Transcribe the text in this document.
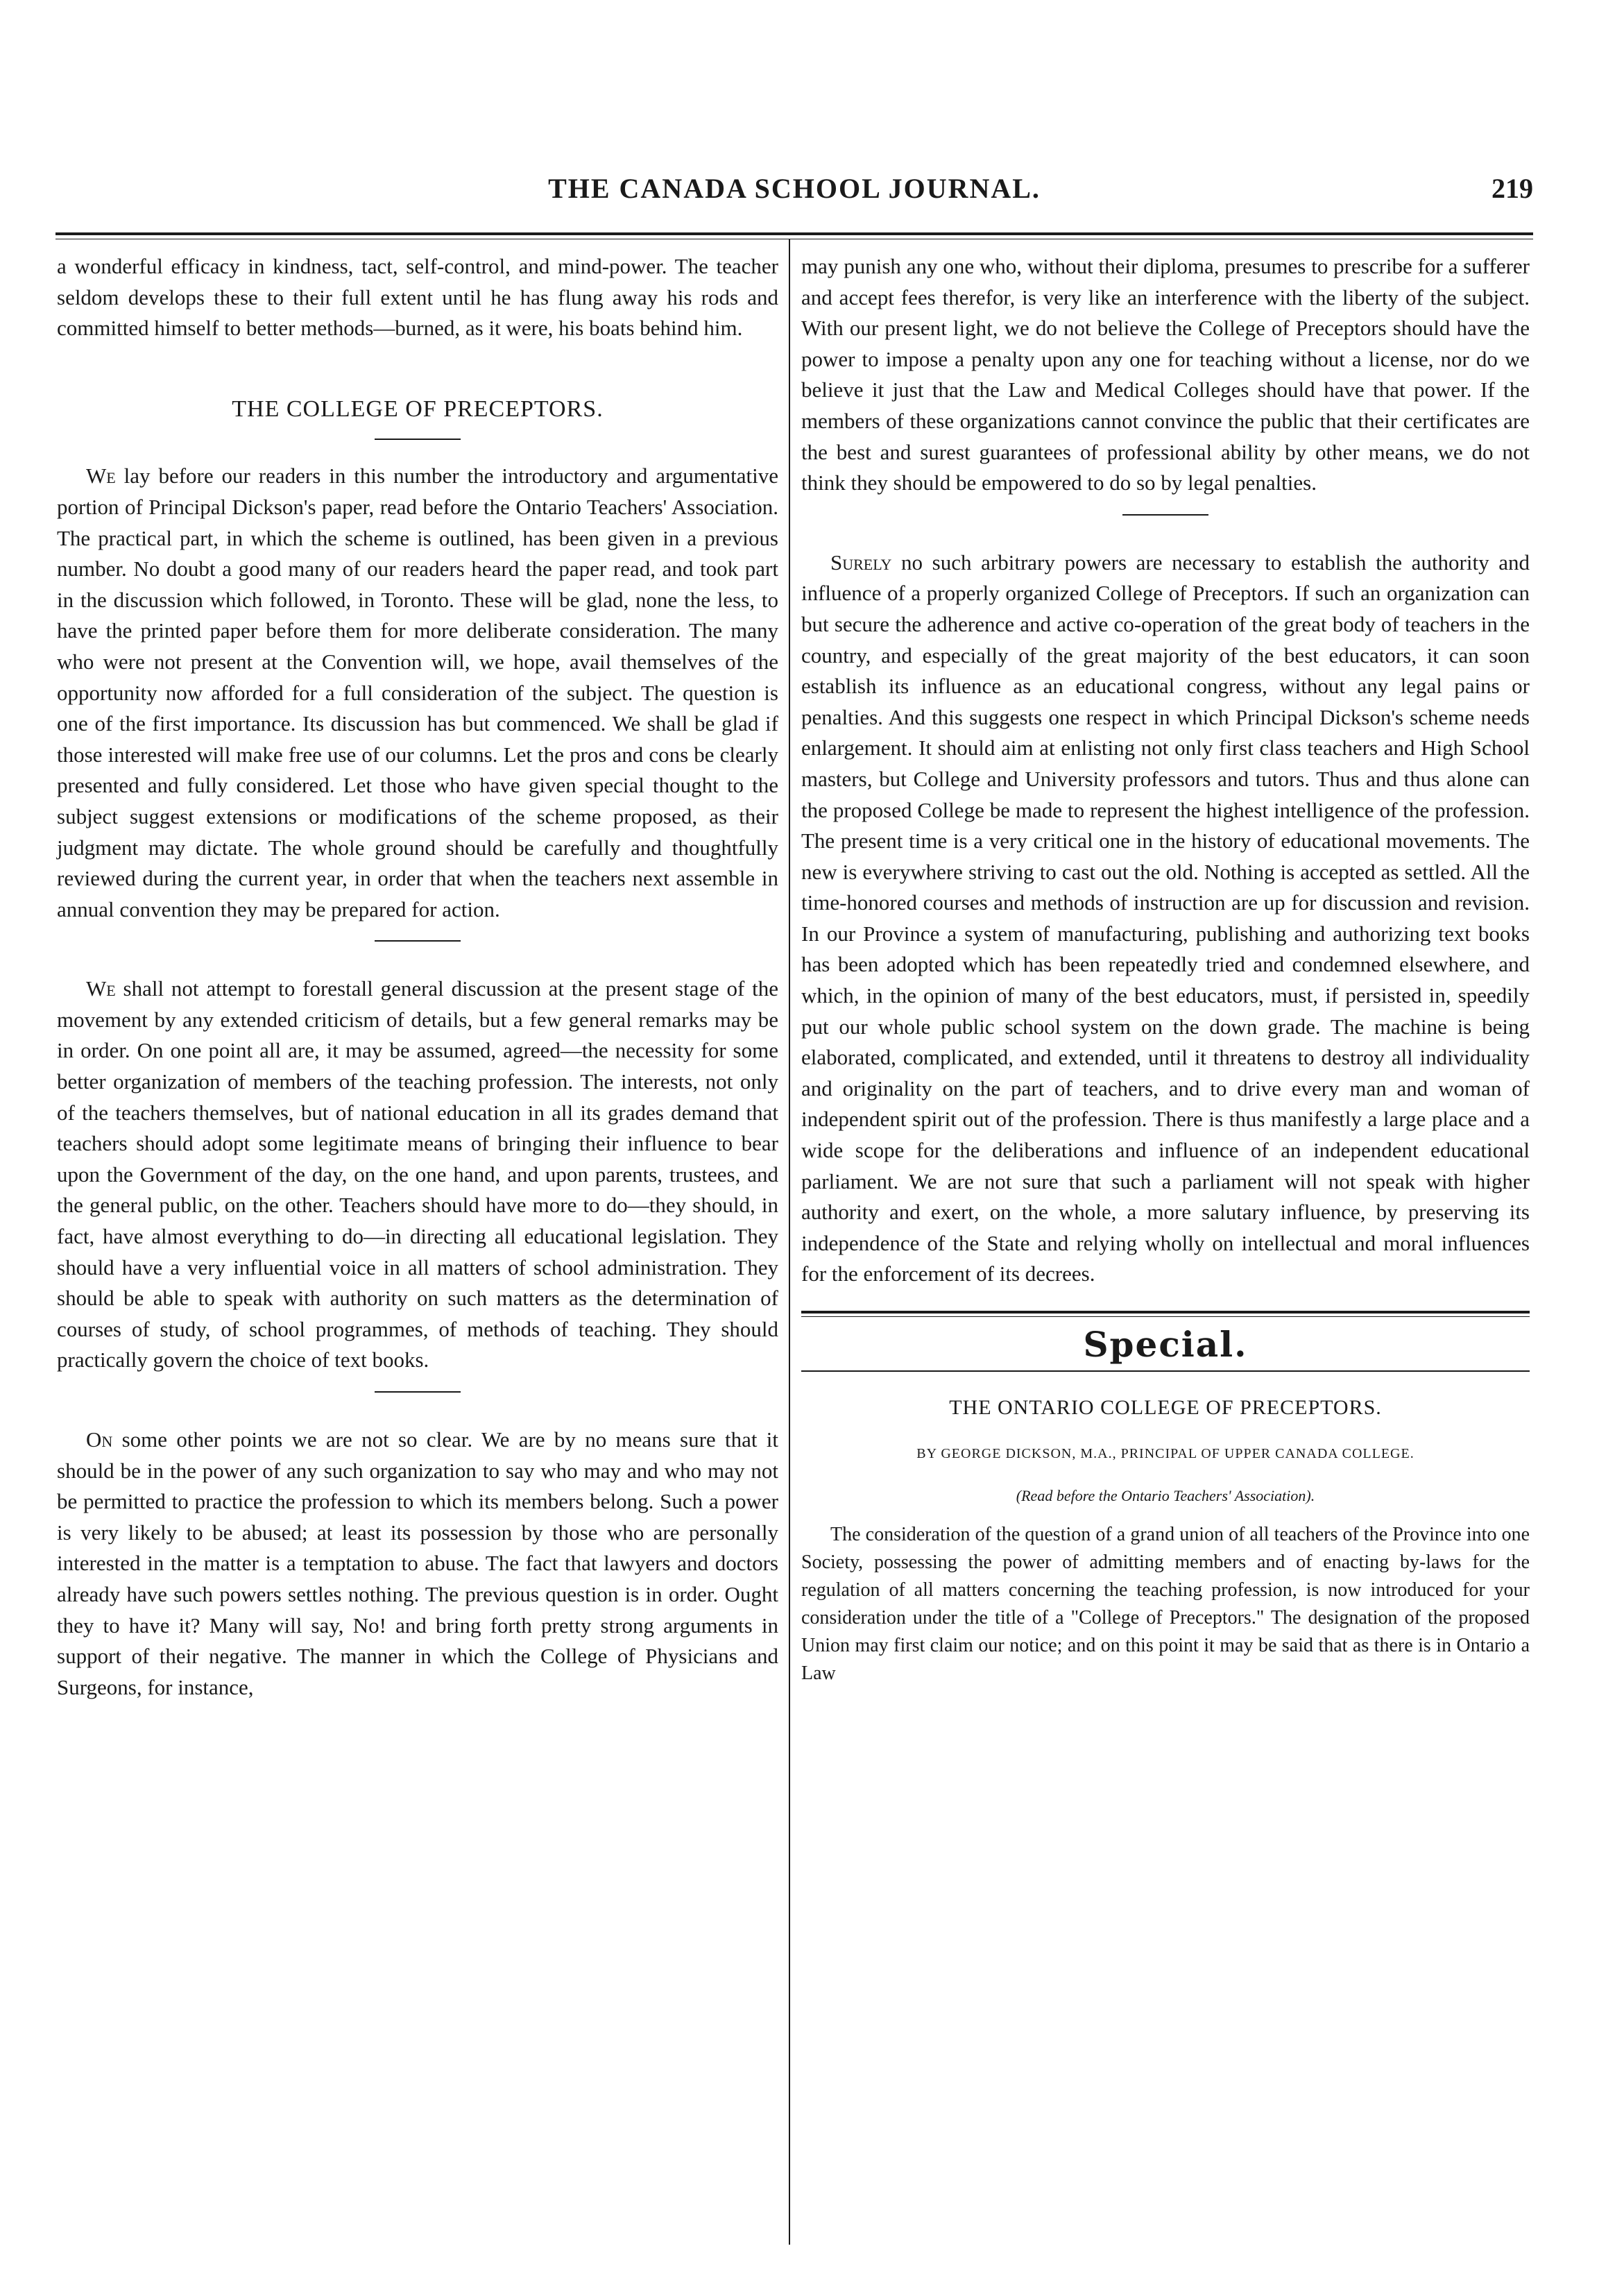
THE CANADA SCHOOL JOURNAL.	219

a wonderful efficacy in kindness, tact, self-control, and mind-power. The teacher seldom develops these to their full extent until he has flung away his rods and committed himself to better methods—burned, as it were, his boats behind him.

THE COLLEGE OF PRECEPTORS.

We lay before our readers in this number the introductory and argumentative portion of Principal Dickson's paper, read before the Ontario Teachers' Association. The practical part, in which the scheme is outlined, has been given in a previous number. No doubt a good many of our readers heard the paper read, and took part in the discussion which followed, in Toronto. These will be glad, none the less, to have the printed paper before them for more deliberate consideration. The many who were not present at the Convention will, we hope, avail themselves of the opportunity now afforded for a full consideration of the subject. The question is one of the first importance. Its discussion has but commenced. We shall be glad if those interested will make free use of our columns. Let the pros and cons be clearly presented and fully considered. Let those who have given special thought to the subject suggest extensions or modifications of the scheme proposed, as their judgment may dictate. The whole ground should be carefully and thoughtfully reviewed during the current year, in order that when the teachers next assemble in annual convention they may be prepared for action.

We shall not attempt to forestall general discussion at the present stage of the movement by any extended criticism of details, but a few general remarks may be in order. On one point all are, it may be assumed, agreed—the necessity for some better organization of members of the teaching profession. The interests, not only of the teachers themselves, but of national education in all its grades demand that teachers should adopt some legitimate means of bringing their influence to bear upon the Government of the day, on the one hand, and upon parents, trustees, and the general public, on the other. Teachers should have more to do—they should, in fact, have almost everything to do—in directing all educational legislation. They should have a very influential voice in all matters of school administration. They should be able to speak with authority on such matters as the determination of courses of study, of school programmes, of methods of teaching. They should practically govern the choice of text books.

On some other points we are not so clear. We are by no means sure that it should be in the power of any such organization to say who may and who may not be permitted to practice the profession to which its members belong. Such a power is very likely to be abused; at least its possession by those who are personally interested in the matter is a temptation to abuse. The fact that lawyers and doctors already have such powers settles nothing. The previous question is in order. Ought they to have it? Many will say, No! and bring forth pretty strong arguments in support of their negative. The manner in which the College of Physicians and Surgeons, for instance,

may punish any one who, without their diploma, presumes to prescribe for a sufferer and accept fees therefor, is very like an interference with the liberty of the subject. With our present light, we do not believe the College of Preceptors should have the power to impose a penalty upon any one for teaching without a license, nor do we believe it just that the Law and Medical Colleges should have that power. If the members of these organizations cannot convince the public that their certificates are the best and surest guarantees of professional ability by other means, we do not think they should be empowered to do so by legal penalties.

Surely no such arbitrary powers are necessary to establish the authority and influence of a properly organized College of Preceptors. If such an organization can but secure the adherence and active co-operation of the great body of teachers in the country, and especially of the great majority of the best educators, it can soon establish its influence as an educational congress, without any legal pains or penalties. And this suggests one respect in which Principal Dickson's scheme needs enlargement. It should aim at enlisting not only first class teachers and High School masters, but College and University professors and tutors. Thus and thus alone can the proposed College be made to represent the highest intelligence of the profession. The present time is a very critical one in the history of educational movements. The new is everywhere striving to cast out the old. Nothing is accepted as settled. All the time-honored courses and methods of instruction are up for discussion and revision. In our Province a system of manufacturing, publishing and authorizing text books has been adopted which has been repeatedly tried and condemned elsewhere, and which, in the opinion of many of the best educators, must, if persisted in, speedily put our whole public school system on the down grade. The machine is being elaborated, complicated, and extended, until it threatens to destroy all individuality and originality on the part of teachers, and to drive every man and woman of independent spirit out of the profession. There is thus manifestly a large place and a wide scope for the deliberations and influence of an independent educational parliament. We are not sure that such a parliament will not speak with higher authority and exert, on the whole, a more salutary influence, by preserving its independence of the State and relying wholly on intellectual and moral influences for the enforcement of its decrees.

Special.
THE ONTARIO COLLEGE OF PRECEPTORS.
BY GEORGE DICKSON, M.A., PRINCIPAL OF UPPER CANADA COLLEGE.
(Read before the Ontario Teachers' Association).

The consideration of the question of a grand union of all teachers of the Province into one Society, possessing the power of admitting members and of enacting by-laws for the regulation of all matters concerning the teaching profession, is now introduced for your consideration under the title of a "College of Preceptors." The designation of the proposed Union may first claim our notice; and on this point it may be said that as there is in Ontario a Law
